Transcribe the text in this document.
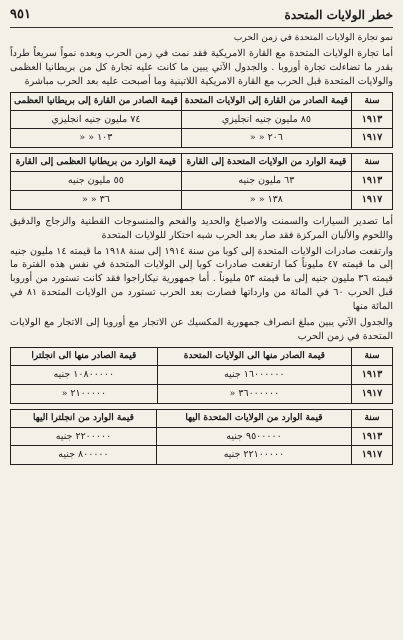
خطر الولايات المتحدة
٩٥١
نمو تجارة الولايات المتحدة في زمن الحرب

أما تجارة الولايات المتحدة مع القارة الامريكية فقد نمت في زمن الحرب وبعده نمواً سريعاً طرداً بقدر ما تضاءلت تجارة أوروبا . والجدول الآتي يبين ما كانت عليه تجارة كل من بريطانيا العظمى والولايات المتحدة قبل الحرب مع القارة الامريكية اللاتينية وما أصبحت عليه بعد الحرب مباشرة

سنة	قيمة الصادر من القارة إلى الولايات المتحدة	قيمة الصادر من القارة إلى بريطانيا العظمى
١٩١٣	٨٥ مليون جنيه انجليزي	٧٤ مليون جنيه انجليزي
١٩١٧	٢٠٦ « «	١٠٣ « «
سنة	قيمة الوارد من الولايات المتحدة إلى القارة	قيمة الوارد من بريطانيا العظمى إلى القارة
١٩١٣	٦٣ مليون جنيه	٥٥ مليون جنيه
١٩١٧	١٣٨ « «	٣٦ « «

أما تصدير السيارات والسمنت والاصباغ والحديد والفحم والمنسوجات القطنية والزجاج والدقيق واللحوم والألبان المركزة فقد صار بعد الحرب شبه احتكار للولايات المتحدة

وارتفعت صادرات الولايات المتحدة إلى كوبا من سنة ١٩١٤ إلى سنة ١٩١٨ ما قيمته ١٤ مليون جنيه إلى ما قيمته ٤٧ مليوناً كما ارتفعت صادرات كوبا إلى الولايات المتحدة في نفس هذه الفترة ما قيمته ٣٦ مليون جنيه إلى ما قيمته ٥٣ مليوناً . أما جمهورية نيكاراجوا فقد كانت تستورد من أوروبا قبل الحرب ٦٠ في المائة من وارداتها فصارت بعد الحرب تستورد من الولايات المتحدة ٨١ في المائة منها

والجدول الآتي يبين مبلغ انصراف جمهورية المكسيك عن الاتجار مع أوروبا إلى الاتجار مع الولايات المتحدة في زمن الحرب

سنة	قيمة الصادر منها الى الولايات المتحدة	قيمة الصادر منها الى انجلترا
١٩١٣	١٦٠٠٠٠٠٠ جنيه	١٠٨٠٠٠٠٠ جنيه
١٩١٧	٣٦٠٠٠٠٠٠ «	٢١٠٠٠٠٠ «
سنة	قيمة الوارد من الولايات المتحدة اليها	قيمة الوارد من انجلترا اليها
١٩١٣	٩٥٠٠٠٠٠ جنيه	٢٢٠٠٠٠٠ جنيه
١٩١٧	٢٢١٠٠٠٠٠ جنيه	٨٠٠٠٠٠ جنيه
